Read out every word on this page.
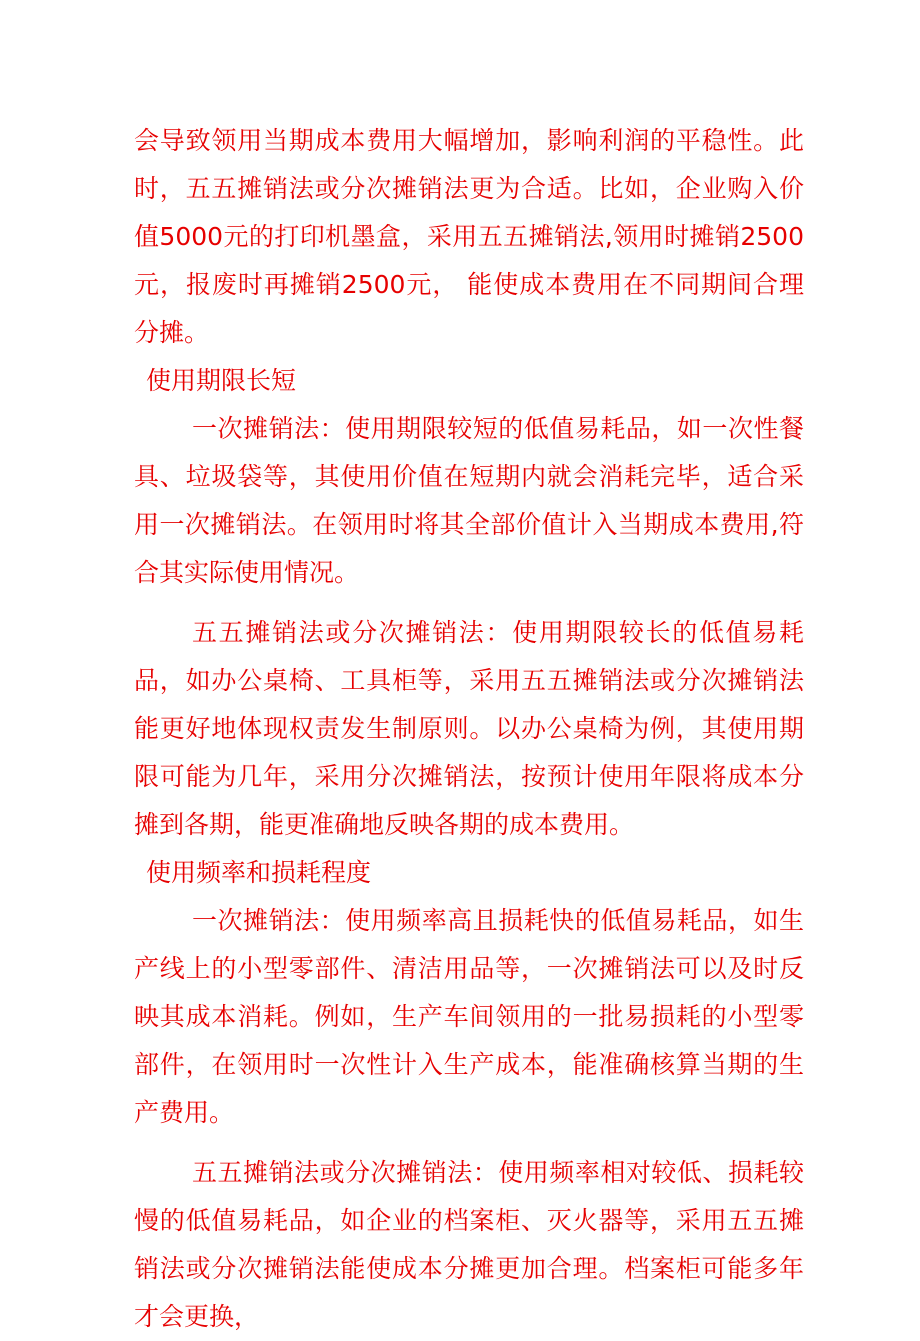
会导致领用当期成本费用大幅增加，影响利润的平稳性。此时，五五摊销法或分次摊销法更为合适。比如，企业购入价值5000元的打印机墨盒，采用五五摊销法,领用时摊销2500元，报废时再摊销2500元， 能使成本费用在不同期间合理分摊。

使用期限长短

一次摊销法：使用期限较短的低值易耗品，如一次性餐具、垃圾袋等，其使用价值在短期内就会消耗完毕，适合采用一次摊销法。在领用时将其全部价值计入当期成本费用,符合其实际使用情况。

五五摊销法或分次摊销法：使用期限较长的低值易耗品，如办公桌椅、工具柜等，采用五五摊销法或分次摊销法能更好地体现权责发生制原则。以办公桌椅为例，其使用期限可能为几年，采用分次摊销法，按预计使用年限将成本分摊到各期，能更准确地反映各期的成本费用。

使用频率和损耗程度

一次摊销法：使用频率高且损耗快的低值易耗品，如生产线上的小型零部件、清洁用品等，一次摊销法可以及时反映其成本消耗。例如，生产车间领用的一批易损耗的小型零部件，在领用时一次性计入生产成本，能准确核算当期的生产费用。

五五摊销法或分次摊销法：使用频率相对较低、损耗较慢的低值易耗品，如企业的档案柜、灭火器等，采用五五摊销法或分次摊销法能使成本分摊更加合理。档案柜可能多年才会更换，
